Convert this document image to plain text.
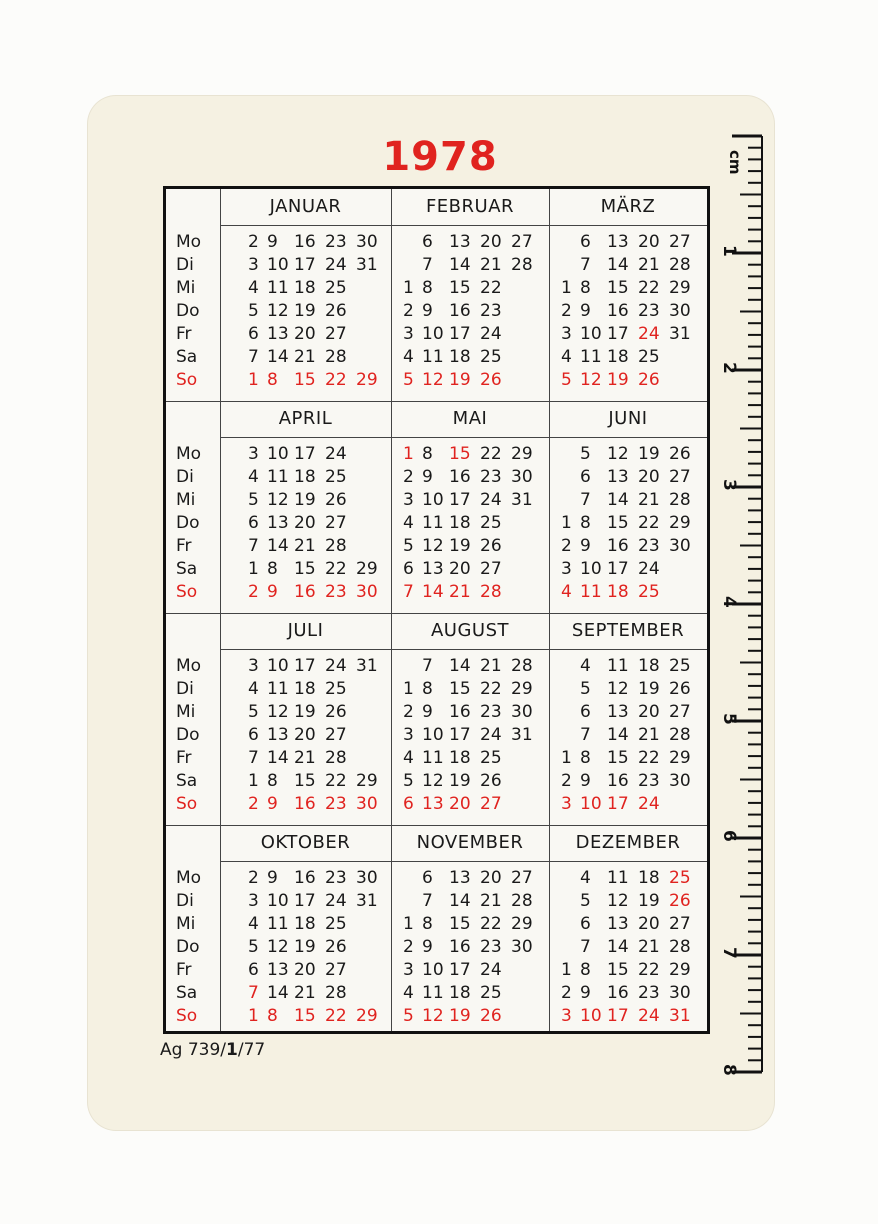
1978
Mo
Di
Mi
Do
Fr
Sa
So
JANUAR
2 9 16 23 30
3 10 17 24 31
4 11 18 25
5 12 19 26
6 13 20 27
7 14 21 28
1 8 15 22 29
FEBRUAR
6 13 20 27
7 14 21 28
1 8 15 22
2 9 16 23
3 10 17 24
4 11 18 25
5 12 19 26
MÄRZ
6 13 20 27
7 14 21 28
1 8 15 22 29
2 9 16 23 30
3 10 17 24 31
4 11 18 25
5 12 19 26
Mo
Di
Mi
Do
Fr
Sa
So
APRIL
3 10 17 24
4 11 18 25
5 12 19 26
6 13 20 27
7 14 21 28
1 8 15 22 29
2 9 16 23 30
MAI
1 8 15 22 29
2 9 16 23 30
3 10 17 24 31
4 11 18 25
5 12 19 26
6 13 20 27
7 14 21 28
JUNI
5 12 19 26
6 13 20 27
7 14 21 28
1 8 15 22 29
2 9 16 23 30
3 10 17 24
4 11 18 25
Mo
Di
Mi
Do
Fr
Sa
So
JULI
3 10 17 24 31
4 11 18 25
5 12 19 26
6 13 20 27
7 14 21 28
1 8 15 22 29
2 9 16 23 30
AUGUST
7 14 21 28
1 8 15 22 29
2 9 16 23 30
3 10 17 24 31
4 11 18 25
5 12 19 26
6 13 20 27
SEPTEMBER
4 11 18 25
5 12 19 26
6 13 20 27
7 14 21 28
1 8 15 22 29
2 9 16 23 30
3 10 17 24
Mo
Di
Mi
Do
Fr
Sa
So
OKTOBER
2 9 16 23 30
3 10 17 24 31
4 11 18 25
5 12 19 26
6 13 20 27
7 14 21 28
1 8 15 22 29
NOVEMBER
6 13 20 27
7 14 21 28
1 8 15 22 29
2 9 16 23 30
3 10 17 24
4 11 18 25
5 12 19 26
DEZEMBER
4 11 18 25
5 12 19 26
6 13 20 27
7 14 21 28
1 8 15 22 29
2 9 16 23 30
3 10 17 24 31
Ag 739/1/77
cm
1
2
3
4
5
6
7
8
